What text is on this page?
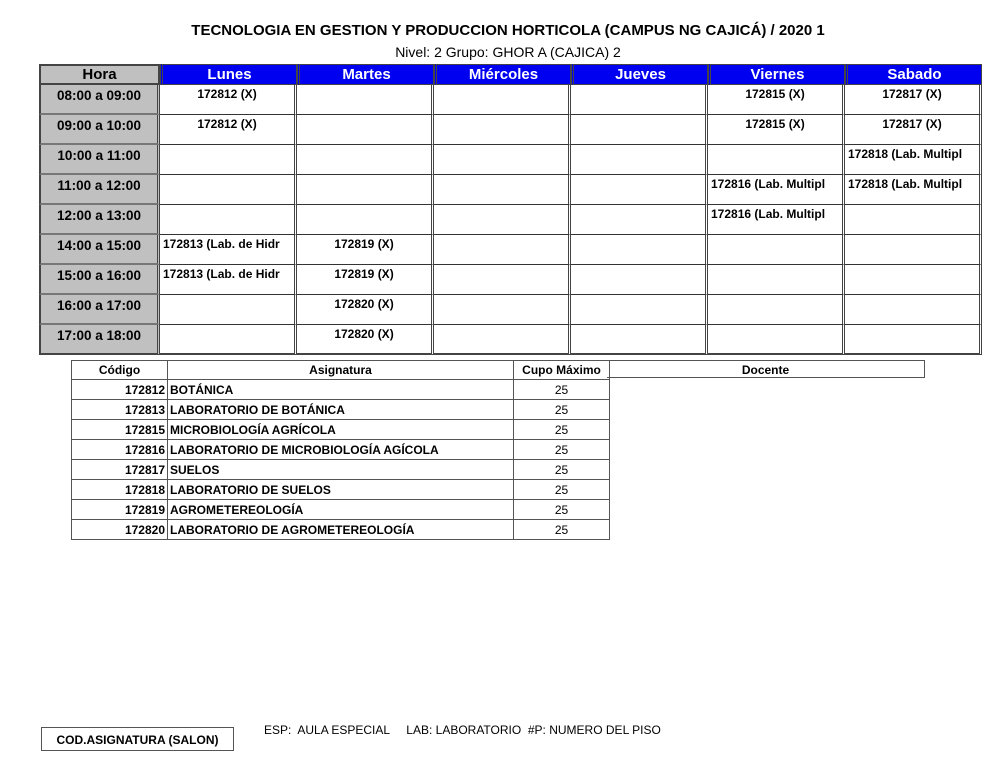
TECNOLOGIA EN GESTION Y PRODUCCION HORTICOLA (CAMPUS NG CAJICÁ) / 2020 1
Nivel: 2 Grupo: GHOR A (CAJICA) 2
Hora	Lunes	Martes	Miércoles	Jueves	Viernes	Sabado
08:00 a 09:00	172812 (X)				172815 (X)	172817 (X)
09:00 a 10:00	172812 (X)				172815 (X)	172817 (X)
10:00 a 11:00						172818 (Lab. Multipl
11:00 a 12:00					172816 (Lab. Multipl	172818 (Lab. Multipl
12:00 a 13:00					172816 (Lab. Multipl	
14:00 a 15:00	172813 (Lab. de Hidr	172819 (X)				
15:00 a 16:00	172813 (Lab. de Hidr	172819 (X)				
16:00 a 17:00		172820 (X)				
17:00 a 18:00		172820 (X)				
Código	Asignatura	Cupo Máximo
172812	BOTÁNICA	25
172813	LABORATORIO DE BOTÁNICA	25
172815	MICROBIOLOGÍA AGRÍCOLA	25
172816	LABORATORIO DE MICROBIOLOGÍA AGÍCOLA	25
172817	SUELOS	25
172818	LABORATORIO DE SUELOS	25
172819	AGROMETEREOLOGÍA	25
172820	LABORATORIO DE AGROMETEREOLOGÍA	25
Docente
COD.ASIGNATURA (SALON)
ESP:  AULA ESPECIAL     LAB: LABORATORIO  #P: NUMERO DEL PISO
